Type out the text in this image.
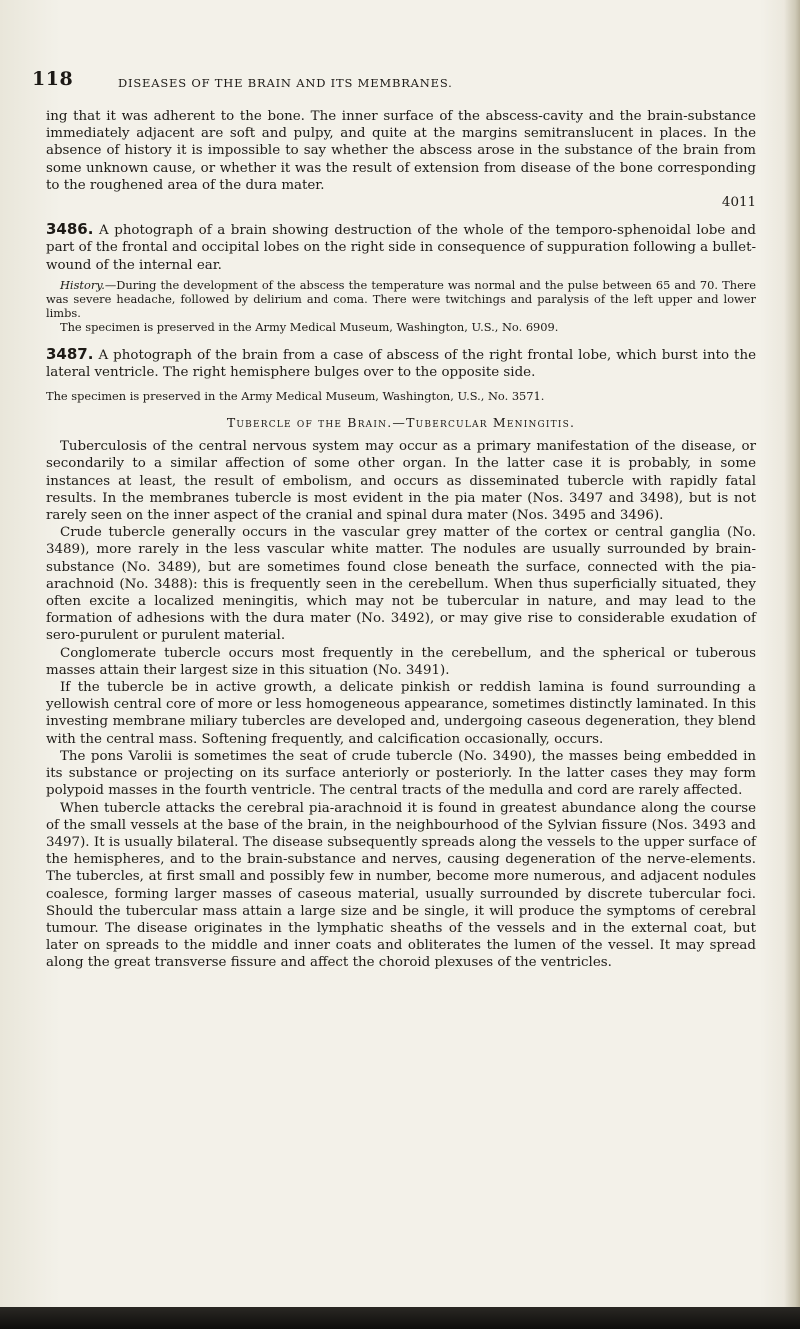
118	DISEASES OF THE BRAIN AND ITS MEMBRANES.

ing that it was adherent to the bone. The inner surface of the abscess-cavity and the brain-substance immediately adjacent are soft and pulpy, and quite at the margins semitranslucent in places. In the absence of history it is impossible to say whether the abscess arose in the substance of the brain from some unknown cause, or whether it was the result of extension from disease of the bone corresponding to the roughened area of the dura mater.
4011

3486. A photograph of a brain showing destruction of the whole of the temporo-sphenoidal lobe and part of the frontal and occipital lobes on the right side in consequence of suppuration following a bullet-wound of the internal ear.

History.—During the development of the abscess the temperature was normal and the pulse between 65 and 70. There was severe headache, followed by delirium and coma. There were twitchings and paralysis of the left upper and lower limbs.

The specimen is preserved in the Army Medical Museum, Washington, U.S., No. 6909.

3487. A photograph of the brain from a case of abscess of the right frontal lobe, which burst into the lateral ventricle. The right hemisphere bulges over to the opposite side.

The specimen is preserved in the Army Medical Museum, Washington, U.S., No. 3571.

Tubercle of the Brain.—Tubercular Meningitis.

Tuberculosis of the central nervous system may occur as a primary manifestation of the disease, or secondarily to a similar affection of some other organ. In the latter case it is probably, in some instances at least, the result of embolism, and occurs as disseminated tubercle with rapidly fatal results. In the membranes tubercle is most evident in the pia mater (Nos. 3497 and 3498), but is not rarely seen on the inner aspect of the cranial and spinal dura mater (Nos. 3495 and 3496).

Crude tubercle generally occurs in the vascular grey matter of the cortex or central ganglia (No. 3489), more rarely in the less vascular white matter. The nodules are usually surrounded by brain-substance (No. 3489), but are sometimes found close beneath the surface, connected with the pia-arachnoid (No. 3488): this is frequently seen in the cerebellum. When thus superficially situated, they often excite a localized meningitis, which may not be tubercular in nature, and may lead to the formation of adhesions with the dura mater (No. 3492), or may give rise to considerable exudation of sero-purulent or purulent material.

Conglomerate tubercle occurs most frequently in the cerebellum, and the spherical or tuberous masses attain their largest size in this situation (No. 3491).

If the tubercle be in active growth, a delicate pinkish or reddish lamina is found surrounding a yellowish central core of more or less homogeneous appearance, sometimes distinctly laminated. In this investing membrane miliary tubercles are developed and, undergoing caseous degeneration, they blend with the central mass. Softening frequently, and calcification occasionally, occurs.

The pons Varolii is sometimes the seat of crude tubercle (No. 3490), the masses being embedded in its substance or projecting on its surface anteriorly or posteriorly. In the latter cases they may form polypoid masses in the fourth ventricle. The central tracts of the medulla and cord are rarely affected.

When tubercle attacks the cerebral pia-arachnoid it is found in greatest abundance along the course of the small vessels at the base of the brain, in the neighbourhood of the Sylvian fissure (Nos. 3493 and 3497). It is usually bilateral. The disease subsequently spreads along the vessels to the upper surface of the hemispheres, and to the brain-substance and nerves, causing degeneration of the nerve-elements. The tubercles, at first small and possibly few in number, become more numerous, and adjacent nodules coalesce, forming larger masses of caseous material, usually surrounded by discrete tubercular foci. Should the tubercular mass attain a large size and be single, it will produce the symptoms of cerebral tumour. The disease originates in the lymphatic sheaths of the vessels and in the external coat, but later on spreads to the middle and inner coats and obliterates the lumen of the vessel. It may spread along the great transverse fissure and affect the choroid plexuses of the ventricles.
